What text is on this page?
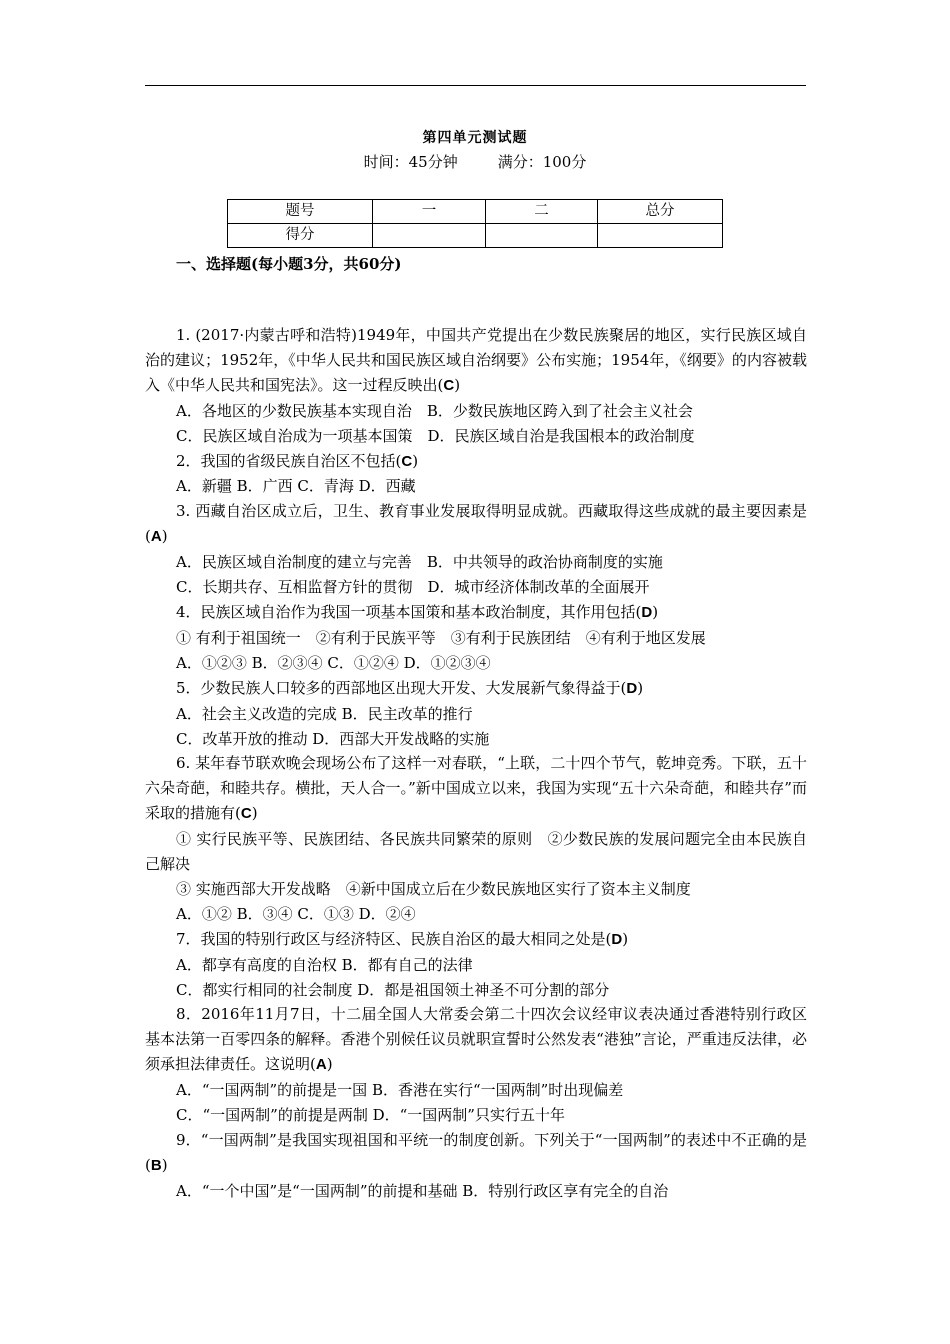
第四单元测试题
时间：45分钟	满分：100分
题号	一	二	总分
得分			
一、选择题(每小题3分，共60分)

1. (2017·内蒙古呼和浩特)1949年，中国共产党提出在少数民族聚居的地区，实行民族区域自治的建议；1952年，《中华人民共和国民族区域自治纲要》公布实施；1954年，《纲要》的内容被载入《中华人民共和国宪法》。这一过程反映出(C)

A．各地区的少数民族基本实现自治　B．少数民族地区跨入到了社会主义社会

C．民族区域自治成为一项基本国策　D．民族区域自治是我国根本的政治制度

2．我国的省级民族自治区不包括(C)

A．新疆 B．广西 C．青海 D．西藏

3. 西藏自治区成立后，卫生、教育事业发展取得明显成就。西藏取得这些成就的最主要因素是(A)

A．民族区域自治制度的建立与完善　B．中共领导的政治协商制度的实施

C．长期共存、互相监督方针的贯彻　D．城市经济体制改革的全面展开

4．民族区域自治作为我国一项基本国策和基本政治制度，其作用包括(D)

① 有利于祖国统一　②有利于民族平等　③有利于民族团结　④有利于地区发展

A．①②③ B．②③④ C．①②④ D．①②③④

5．少数民族人口较多的西部地区出现大开发、大发展新气象得益于(D)

A．社会主义改造的完成 B．民主改革的推行

C．改革开放的推动 D．西部大开发战略的实施

6. 某年春节联欢晚会现场公布了这样一对春联，“上联，二十四个节气，乾坤竞秀。下联，五十六朵奇葩，和睦共存。横批，天人合一。”新中国成立以来，我国为实现“五十六朵奇葩，和睦共存”而采取的措施有(C)

① 实行民族平等、民族团结、各民族共同繁荣的原则　②少数民族的发展问题完全由本民族自己解决

③ 实施西部大开发战略　④新中国成立后在少数民族地区实行了资本主义制度

A．①② B．③④ C．①③ D．②④

7．我国的特别行政区与经济特区、民族自治区的最大相同之处是(D)

A．都享有高度的自治权 B．都有自己的法律

C．都实行相同的社会制度 D．都是祖国领土神圣不可分割的部分

8．2016年11月7日，十二届全国人大常委会第二十四次会议经审议表决通过香港特别行政区基本法第一百零四条的解释。香港个别候任议员就职宣誓时公然发表“港独”言论，严重违反法律，必须承担法律责任。这说明(A)

A．“一国两制”的前提是一国 B．香港在实行“一国两制”时出现偏差

C．“一国两制”的前提是两制 D．“一国两制”只实行五十年

9．“一国两制”是我国实现祖国和平统一的制度创新。下列关于“一国两制”的表述中不正确的是(B)

A．“一个中国”是“一国两制”的前提和基础 B．特别行政区享有完全的自治
